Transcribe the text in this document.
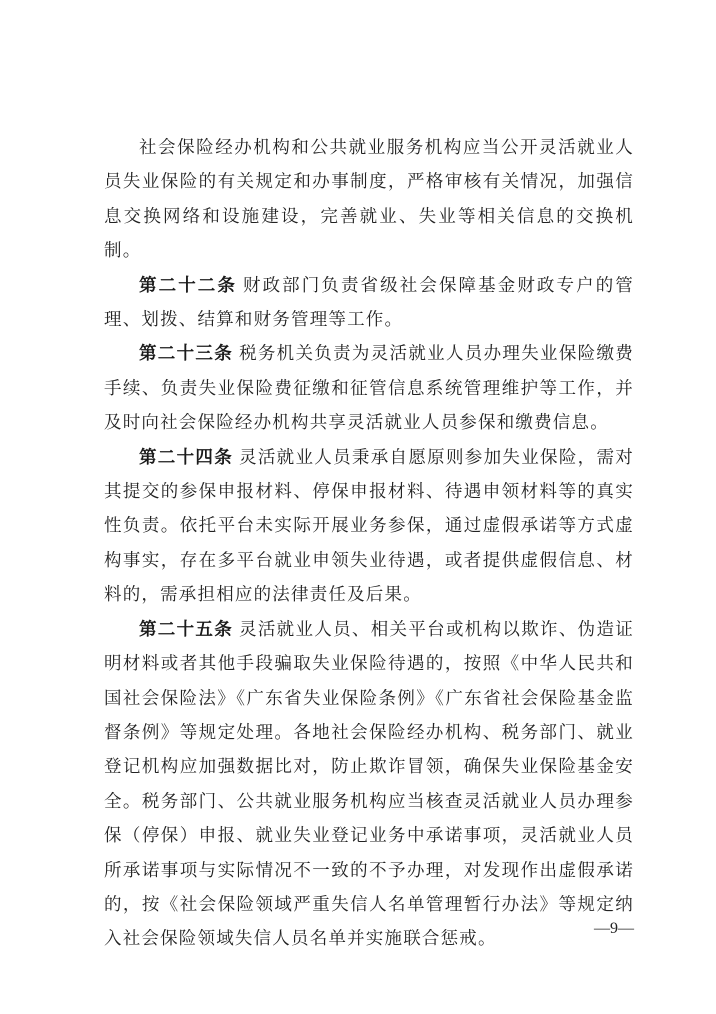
社会保险经办机构和公共就业服务机构应当公开灵活就业人员失业保险的有关规定和办事制度，严格审核有关情况，加强信息交换网络和设施建设，完善就业、失业等相关信息的交换机制。

第二十二条 财政部门负责省级社会保障基金财政专户的管理、划拨、结算和财务管理等工作。

第二十三条 税务机关负责为灵活就业人员办理失业保险缴费手续、负责失业保险费征缴和征管信息系统管理维护等工作，并及时向社会保险经办机构共享灵活就业人员参保和缴费信息。

第二十四条 灵活就业人员秉承自愿原则参加失业保险，需对其提交的参保申报材料、停保申报材料、待遇申领材料等的真实性负责。依托平台未实际开展业务参保，通过虚假承诺等方式虚构事实，存在多平台就业申领失业待遇，或者提供虚假信息、材料的，需承担相应的法律责任及后果。

第二十五条 灵活就业人员、相关平台或机构以欺诈、伪造证明材料或者其他手段骗取失业保险待遇的，按照《中华人民共和国社会保险法》《广东省失业保险条例》《广东省社会保险基金监督条例》等规定处理。各地社会保险经办机构、税务部门、就业登记机构应加强数据比对，防止欺诈冒领，确保失业保险基金安全。税务部门、公共就业服务机构应当核查灵活就业人员办理参保（停保）申报、就业失业登记业务中承诺事项，灵活就业人员所承诺事项与实际情况不一致的不予办理，对发现作出虚假承诺的，按《社会保险领域严重失信人名单管理暂行办法》等规定纳入社会保险领域失信人员名单并实施联合惩戒。

—9—
